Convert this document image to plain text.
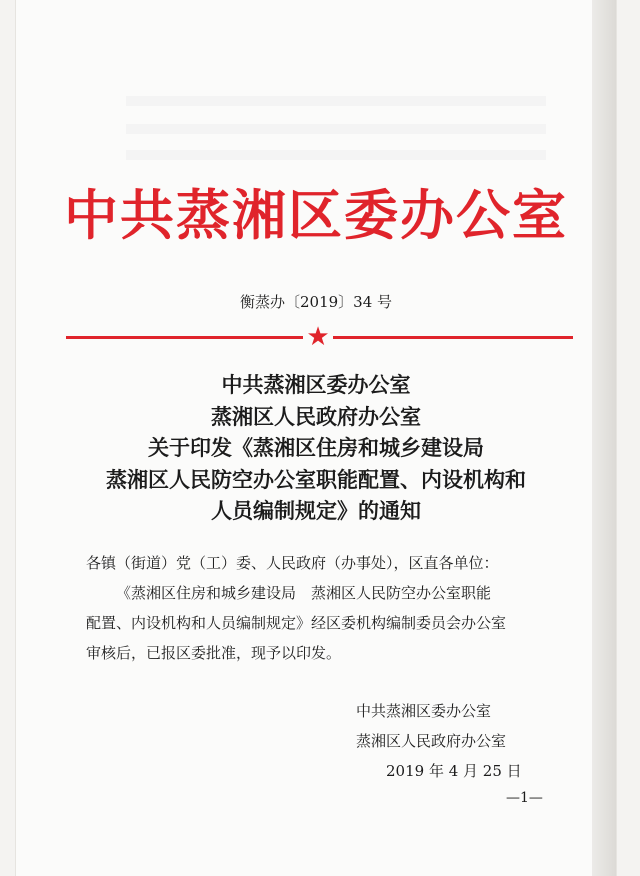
中共蒸湘区委办公室
衡蒸办〔2019〕34 号
★
中共蒸湘区委办公室
蒸湘区人民政府办公室
关于印发《蒸湘区住房和城乡建设局
蒸湘区人民防空办公室职能配置、内设机构和
人员编制规定》的通知
各镇（街道）党（工）委、人民政府（办事处），区直各单位：
《蒸湘区住房和城乡建设局　蒸湘区人民防空办公室职能
配置、内设机构和人员编制规定》经区委机构编制委员会办公室
审核后，已报区委批准，现予以印发。
中共蒸湘区委办公室
蒸湘区人民政府办公室
2019 年 4 月 25 日
—1—
